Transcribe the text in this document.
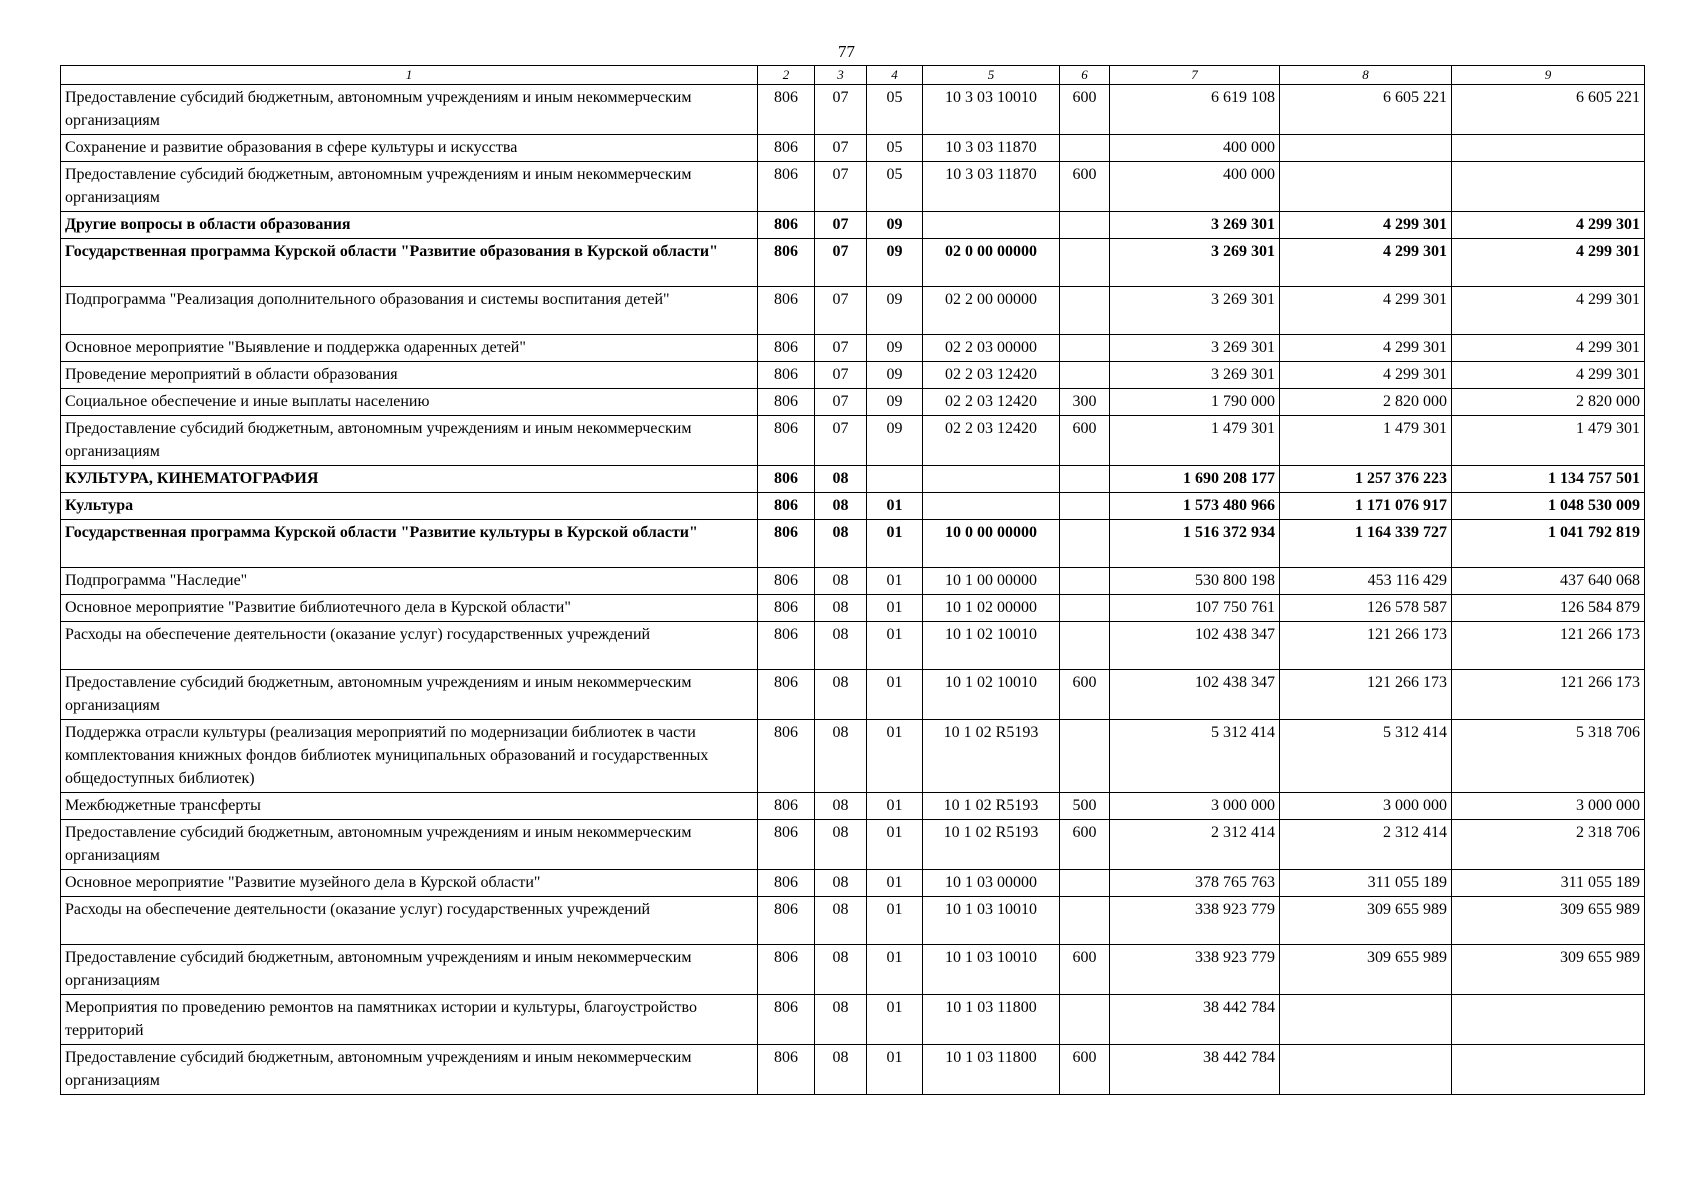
77
1	2	3	4	5	6	7	8	9
Предоставление субсидий бюджетным, автономным учреждениям и иным некоммерческим организациям	806	07	05	10 3 03 10010	600	6 619 108	6 605 221	6 605 221
Сохранение и развитие образования в сфере культуры и искусства	806	07	05	10 3 03 11870		400 000		
Предоставление субсидий бюджетным, автономным учреждениям и иным некоммерческим организациям	806	07	05	10 3 03 11870	600	400 000		
Другие вопросы в области образования	806	07	09			3 269 301	4 299 301	4 299 301
Государственная программа Курской области "Развитие образования в Курской области"	806	07	09	02 0 00 00000		3 269 301	4 299 301	4 299 301
Подпрограмма "Реализация дополнительного образования и системы воспитания детей"	806	07	09	02 2 00 00000		3 269 301	4 299 301	4 299 301
Основное мероприятие "Выявление и поддержка одаренных детей"	806	07	09	02 2 03 00000		3 269 301	4 299 301	4 299 301
Проведение мероприятий в области образования	806	07	09	02 2 03 12420		3 269 301	4 299 301	4 299 301
Социальное обеспечение и иные выплаты населению	806	07	09	02 2 03 12420	300	1 790 000	2 820 000	2 820 000
Предоставление субсидий бюджетным, автономным учреждениям и иным некоммерческим организациям	806	07	09	02 2 03 12420	600	1 479 301	1 479 301	1 479 301
КУЛЬТУРА, КИНЕМАТОГРАФИЯ	806	08				1 690 208 177	1 257 376 223	1 134 757 501
Культура	806	08	01			1 573 480 966	1 171 076 917	1 048 530 009
Государственная программа Курской области "Развитие культуры в Курской области"	806	08	01	10 0 00 00000		1 516 372 934	1 164 339 727	1 041 792 819
Подпрограмма "Наследие"	806	08	01	10 1 00 00000		530 800 198	453 116 429	437 640 068
Основное мероприятие "Развитие библиотечного дела в Курской области"	806	08	01	10 1 02 00000		107 750 761	126 578 587	126 584 879
Расходы на обеспечение деятельности (оказание услуг) государственных учреждений	806	08	01	10 1 02 10010		102 438 347	121 266 173	121 266 173
Предоставление субсидий бюджетным, автономным учреждениям и иным некоммерческим организациям	806	08	01	10 1 02 10010	600	102 438 347	121 266 173	121 266 173
Поддержка отрасли культуры (реализация мероприятий по модернизации библиотек в части комплектования книжных фондов библиотек муниципальных образований и государственных общедоступных библиотек)	806	08	01	10 1 02 R5193		5 312 414	5 312 414	5 318 706
Межбюджетные трансферты	806	08	01	10 1 02 R5193	500	3 000 000	3 000 000	3 000 000
Предоставление субсидий бюджетным, автономным учреждениям и иным некоммерческим организациям	806	08	01	10 1 02 R5193	600	2 312 414	2 312 414	2 318 706
Основное мероприятие "Развитие музейного дела в Курской области"	806	08	01	10 1 03 00000		378 765 763	311 055 189	311 055 189
Расходы на обеспечение деятельности (оказание услуг) государственных учреждений	806	08	01	10 1 03 10010		338 923 779	309 655 989	309 655 989
Предоставление субсидий бюджетным, автономным учреждениям и иным некоммерческим организациям	806	08	01	10 1 03 10010	600	338 923 779	309 655 989	309 655 989
Мероприятия по проведению ремонтов на памятниках истории и культуры, благоустройство территорий	806	08	01	10 1 03 11800		38 442 784		
Предоставление субсидий бюджетным, автономным учреждениям и иным некоммерческим организациям	806	08	01	10 1 03 11800	600	38 442 784		
